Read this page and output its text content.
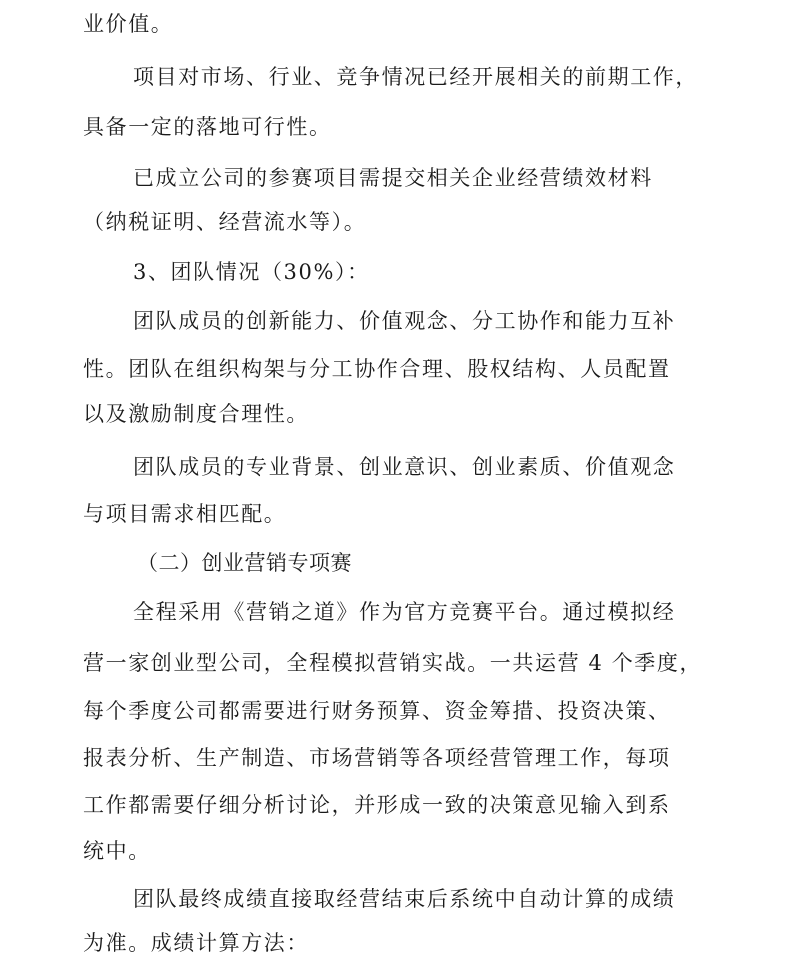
业价值。
项目对市场、行业、竞争情况已经开展相关的前期工作，
具备一定的落地可行性。
已成立公司的参赛项目需提交相关企业经营绩效材料
（纳税证明、经营流水等）。
3、团队情况（30%）：
团队成员的创新能力、价值观念、分工协作和能力互补
性。团队在组织构架与分工协作合理、股权结构、人员配置
以及激励制度合理性。
团队成员的专业背景、创业意识、创业素质、价值观念
与项目需求相匹配。
（二）创业营销专项赛
全程采用《营销之道》作为官方竞赛平台。通过模拟经
营一家创业型公司，全程模拟营销实战。一共运营 4 个季度，
每个季度公司都需要进行财务预算、资金筹措、投资决策、
报表分析、生产制造、市场营销等各项经营管理工作，每项
工作都需要仔细分析讨论，并形成一致的决策意见输入到系
统中。
团队最终成绩直接取经营结束后系统中自动计算的成绩
为准。成绩计算方法：
